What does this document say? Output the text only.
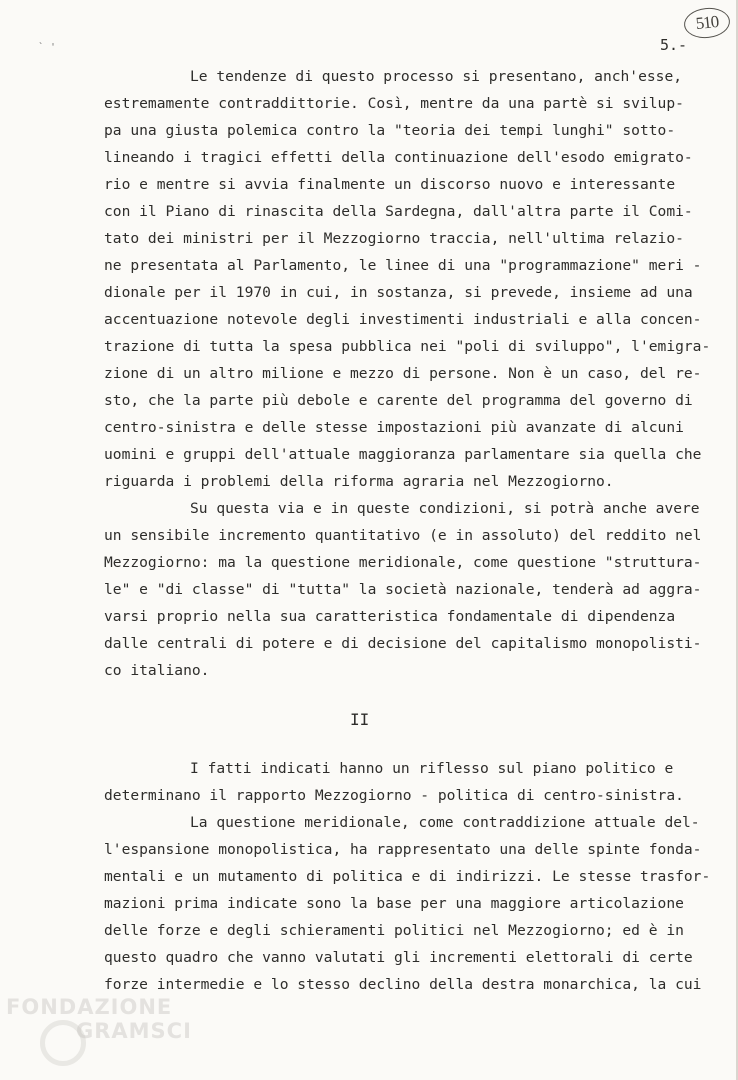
` '
510
5.-
Le tendenze di questo processo si presentano, anch'esse,
estremamente contraddittorie. Così, mentre da una partè si svilup-
pa una giusta polemica contro la "teoria dei tempi lunghi" sotto-
lineando i tragici effetti della continuazione dell'esodo emigrato-
rio e mentre si avvia finalmente un discorso nuovo e interessante
con il Piano di rinascita della Sardegna, dall'altra parte il Comi-
tato dei ministri per il Mezzogiorno traccia, nell'ultima relazio-
ne presentata al Parlamento, le linee di una "programmazione" meri -
dionale per il 1970 in cui, in sostanza, si prevede, insieme ad una
accentuazione notevole degli investimenti industriali e alla concen-
trazione di tutta la spesa pubblica nei "poli di sviluppo", l'emigra-
zione di un altro milione e mezzo di persone. Non è un caso, del re-
sto, che la parte più debole e carente del programma del governo di
centro-sinistra e delle stesse impostazioni più avanzate di alcuni
uomini e gruppi dell'attuale maggioranza parlamentare sia quella che
riguarda i problemi della riforma agraria nel Mezzogiorno.
Su questa via e in queste condizioni, si potrà anche avere
un sensibile incremento quantitativo (e in assoluto) del reddito nel
Mezzogiorno: ma la questione meridionale, come questione "struttura-
le" e "di classe" di "tutta" la società nazionale, tenderà ad aggra-
varsi proprio nella sua caratteristica fondamentale di dipendenza
dalle centrali di potere e di decisione del capitalismo monopolisti-
co italiano.
II
I fatti indicati hanno un riflesso sul piano politico e
determinano il rapporto Mezzogiorno - politica di centro-sinistra.
La questione meridionale, come contraddizione attuale del-
l'espansione monopolistica, ha rappresentato una delle spinte fonda-
mentali e un mutamento di politica e di indirizzi. Le stesse trasfor-
mazioni prima indicate sono la base per una maggiore articolazione
delle forze e degli schieramenti politici nel Mezzogiorno; ed è in
questo quadro che vanno valutati gli incrementi elettorali di certe
forze intermedie e lo stesso declino della destra monarchica, la cui
FONDAZIONE
GRAMSCI
